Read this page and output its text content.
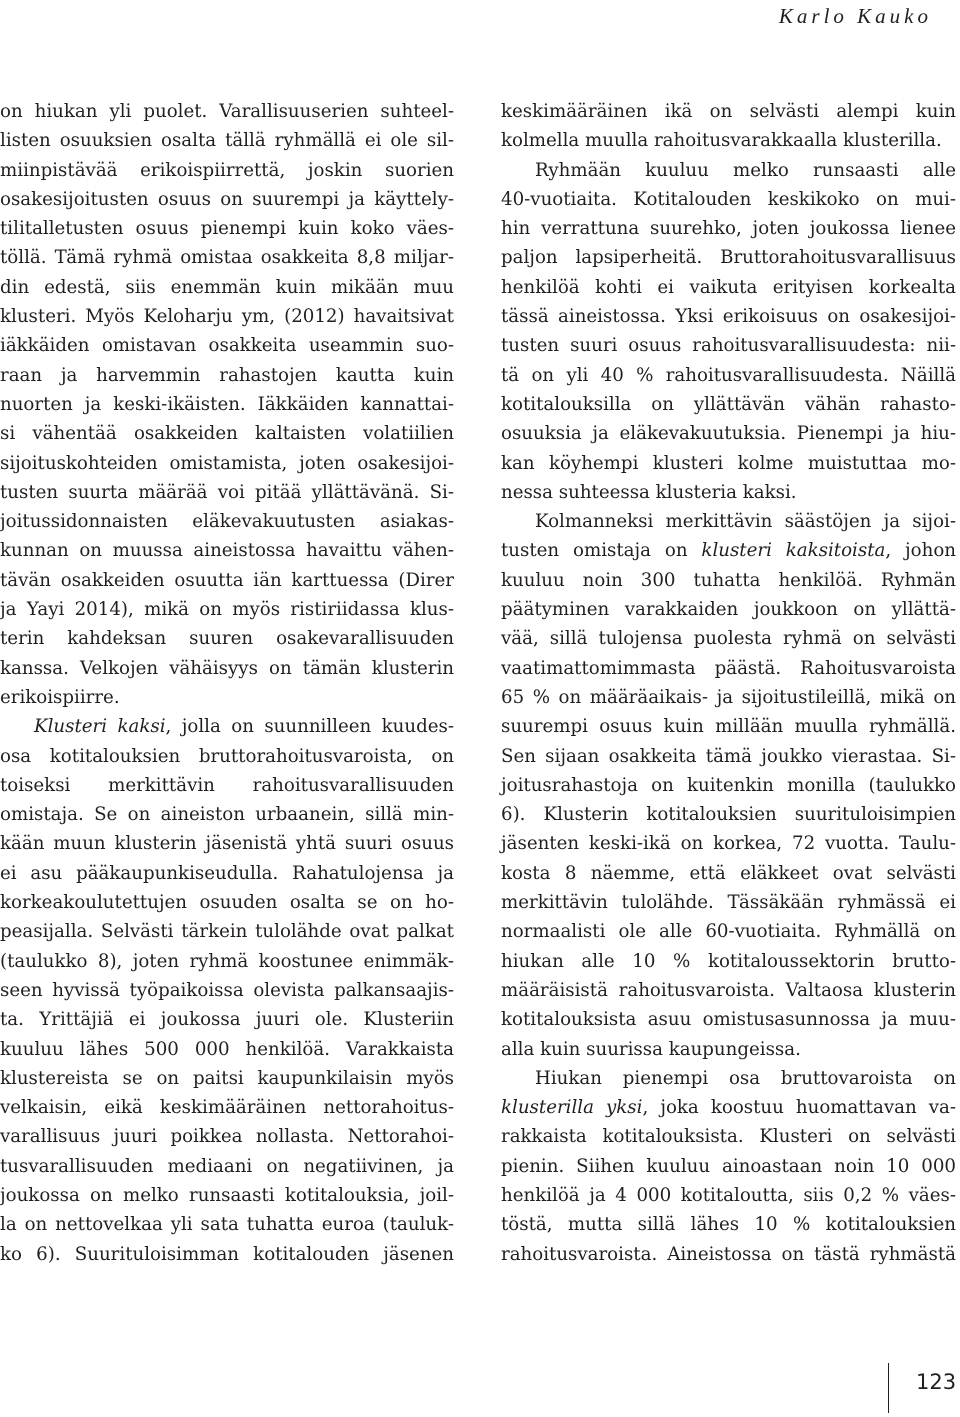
Karlo Kauko

on hiukan yli puolet. Varallisuuserien suhteel-
listen osuuksien osalta tällä ryhmällä ei ole sil-
miinpistävää erikoispiirrettä, joskin suorien
osakesijoitusten osuus on suurempi ja käyttely-
tilitalletusten osuus pienempi kuin koko väes-
töllä. Tämä ryhmä omistaa osakkeita 8,8 miljar-
din edestä, siis enemmän kuin mikään muu
klusteri. Myös Keloharju ym, (2012) havaitsivat
iäkkäiden omistavan osakkeita useammin suo-
raan ja harvemmin rahastojen kautta kuin
nuorten ja keski-ikäisten. Iäkkäiden kannattai-
si vähentää osakkeiden kaltaisten volatiilien
sijoituskohteiden omistamista, joten osakesijoi-
tusten suurta määrää voi pitää yllättävänä. Si-
joitussidonnaisten eläkevakuutusten asiakas-
kunnan on muussa aineistossa havaittu vähen-
tävän osakkeiden osuutta iän karttuessa (Direr
ja Yayi 2014), mikä on myös ristiriidassa klus-
terin kahdeksan suuren osakevarallisuuden
kanssa. Velkojen vähäisyys on tämän klusterin
erikoispiirre.

Klusteri kaksi, jolla on suunnilleen kuudes-
osa kotitalouksien bruttorahoitusvaroista, on
toiseksi merkittävin rahoitusvarallisuuden
omistaja. Se on aineiston urbaanein, sillä min-
kään muun klusterin jäsenistä yhtä suuri osuus
ei asu pääkaupunkiseudulla. Rahatulojensa ja
korkeakoulutettujen osuuden osalta se on ho-
peasijalla. Selvästi tärkein tulolähde ovat palkat
(taulukko 8), joten ryhmä koostunee enimmäk-
seen hyvissä työpaikoissa olevista palkansaajis-
ta. Yrittäjiä ei joukossa juuri ole. Klusteriin
kuuluu lähes 500 000 henkilöä. Varakkaista
klustereista se on paitsi kaupunkilaisin myös
velkaisin, eikä keskimääräinen nettorahoitus-
varallisuus juuri poikkea nollasta. Nettorahoi-
tusvarallisuuden mediaani on negatiivinen, ja
joukossa on melko runsaasti kotitalouksia, joil-
la on nettovelkaa yli sata tuhatta euroa (tauluk-
ko 6). Suurituloisimman kotitalouden jäsenen

keskimääräinen ikä on selvästi alempi kuin
kolmella muulla rahoitusvarakkaalla klusterilla.

Ryhmään kuuluu melko runsaasti alle
40-vuotiaita. Kotitalouden keskikoko on mui-
hin verrattuna suurehko, joten joukossa lienee
paljon lapsiperheitä. Bruttorahoitusvarallisuus
henkilöä kohti ei vaikuta erityisen korkealta
tässä aineistossa. Yksi erikoisuus on osakesijoi-
tusten suuri osuus rahoitusvarallisuudesta: nii-
tä on yli 40 % rahoitusvarallisuudesta. Näillä
kotitalouksilla on yllättävän vähän rahasto-
osuuksia ja eläkevakuutuksia. Pienempi ja hiu-
kan köyhempi klusteri kolme muistuttaa mo-
nessa suhteessa klusteria kaksi.

Kolmanneksi merkittävin säästöjen ja sijoi-
tusten omistaja on klusteri kaksitoista, johon
kuuluu noin 300 tuhatta henkilöä. Ryhmän
päätyminen varakkaiden joukkoon on yllättä-
vää, sillä tulojensa puolesta ryhmä on selvästi
vaatimattomimmasta päästä. Rahoitusvaroista
65 % on määräaikais- ja sijoitustileillä, mikä on
suurempi osuus kuin millään muulla ryhmällä.
Sen sijaan osakkeita tämä joukko vierastaa. Si-
joitusrahastoja on kuitenkin monilla (taulukko
6). Klusterin kotitalouksien suurituloisimpien
jäsenten keski-ikä on korkea, 72 vuotta. Taulu-
kosta 8 näemme, että eläkkeet ovat selvästi
merkittävin tulolähde. Tässäkään ryhmässä ei
normaalisti ole alle 60-vuotiaita. Ryhmällä on
hiukan alle 10 % kotitaloussektorin brutto-
määräisistä rahoitusvaroista. Valtaosa klusterin
kotitalouksista asuu omistusasunnossa ja muu-
alla kuin suurissa kaupungeissa.

Hiukan pienempi osa bruttovaroista on
klusterilla yksi, joka koostuu huomattavan va-
rakkaista kotitalouksista. Klusteri on selvästi
pienin. Siihen kuuluu ainoastaan noin 10 000
henkilöä ja 4 000 kotitaloutta, siis 0,2 % väes-
töstä, mutta sillä lähes 10 % kotitalouksien
rahoitusvaroista. Aineistossa on tästä ryhmästä

123
